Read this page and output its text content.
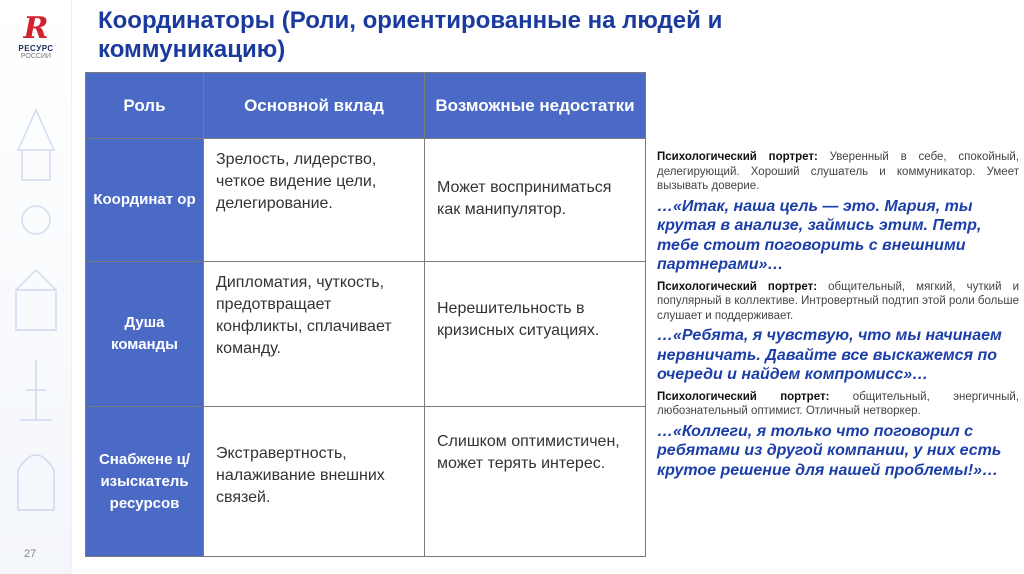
R
РЕСУРС
РОССИИ
27
Координаторы (Роли, ориентированные на людей и коммуникацию)
Роль	Основной вклад	Возможные недостатки
Координат ор	Зрелость, лидерство, четкое видение цели, делегирование.	Может восприниматься как манипулятор.
Душа команды	Дипломатия, чуткость, предотвращает конфликты, сплачивает команду.	Нерешительность в кризисных ситуациях.
Снабжене ц/ изыскатель ресурсов	Экстравертность, налаживание внешних связей.	Слишком оптимистичен, может терять интерес.

Психологический портрет: Уверенный в себе, спокойный, делегирующий. Хороший слушатель и коммуникатор. Умеет вызывать доверие.

…«Итак, наша цель — это. Мария, ты крутая в анализе, займись этим. Петр, тебе стоит поговорить с внешними партнерами»…

Психологический портрет: общительный, мягкий, чуткий и популярный в коллективе. Интровертный подтип этой роли больше слушает и поддерживает.

…«Ребята, я чувствую, что мы начинаем нервничать. Давайте все выскажемся по очереди и найдем компромисс»…

Психологический портрет: общительный, энергичный, любознательный оптимист. Отличный нетворкер.

…«Коллеги, я только что поговорил с ребятами из другой компании, у них есть крутое решение для нашей проблемы!»…
